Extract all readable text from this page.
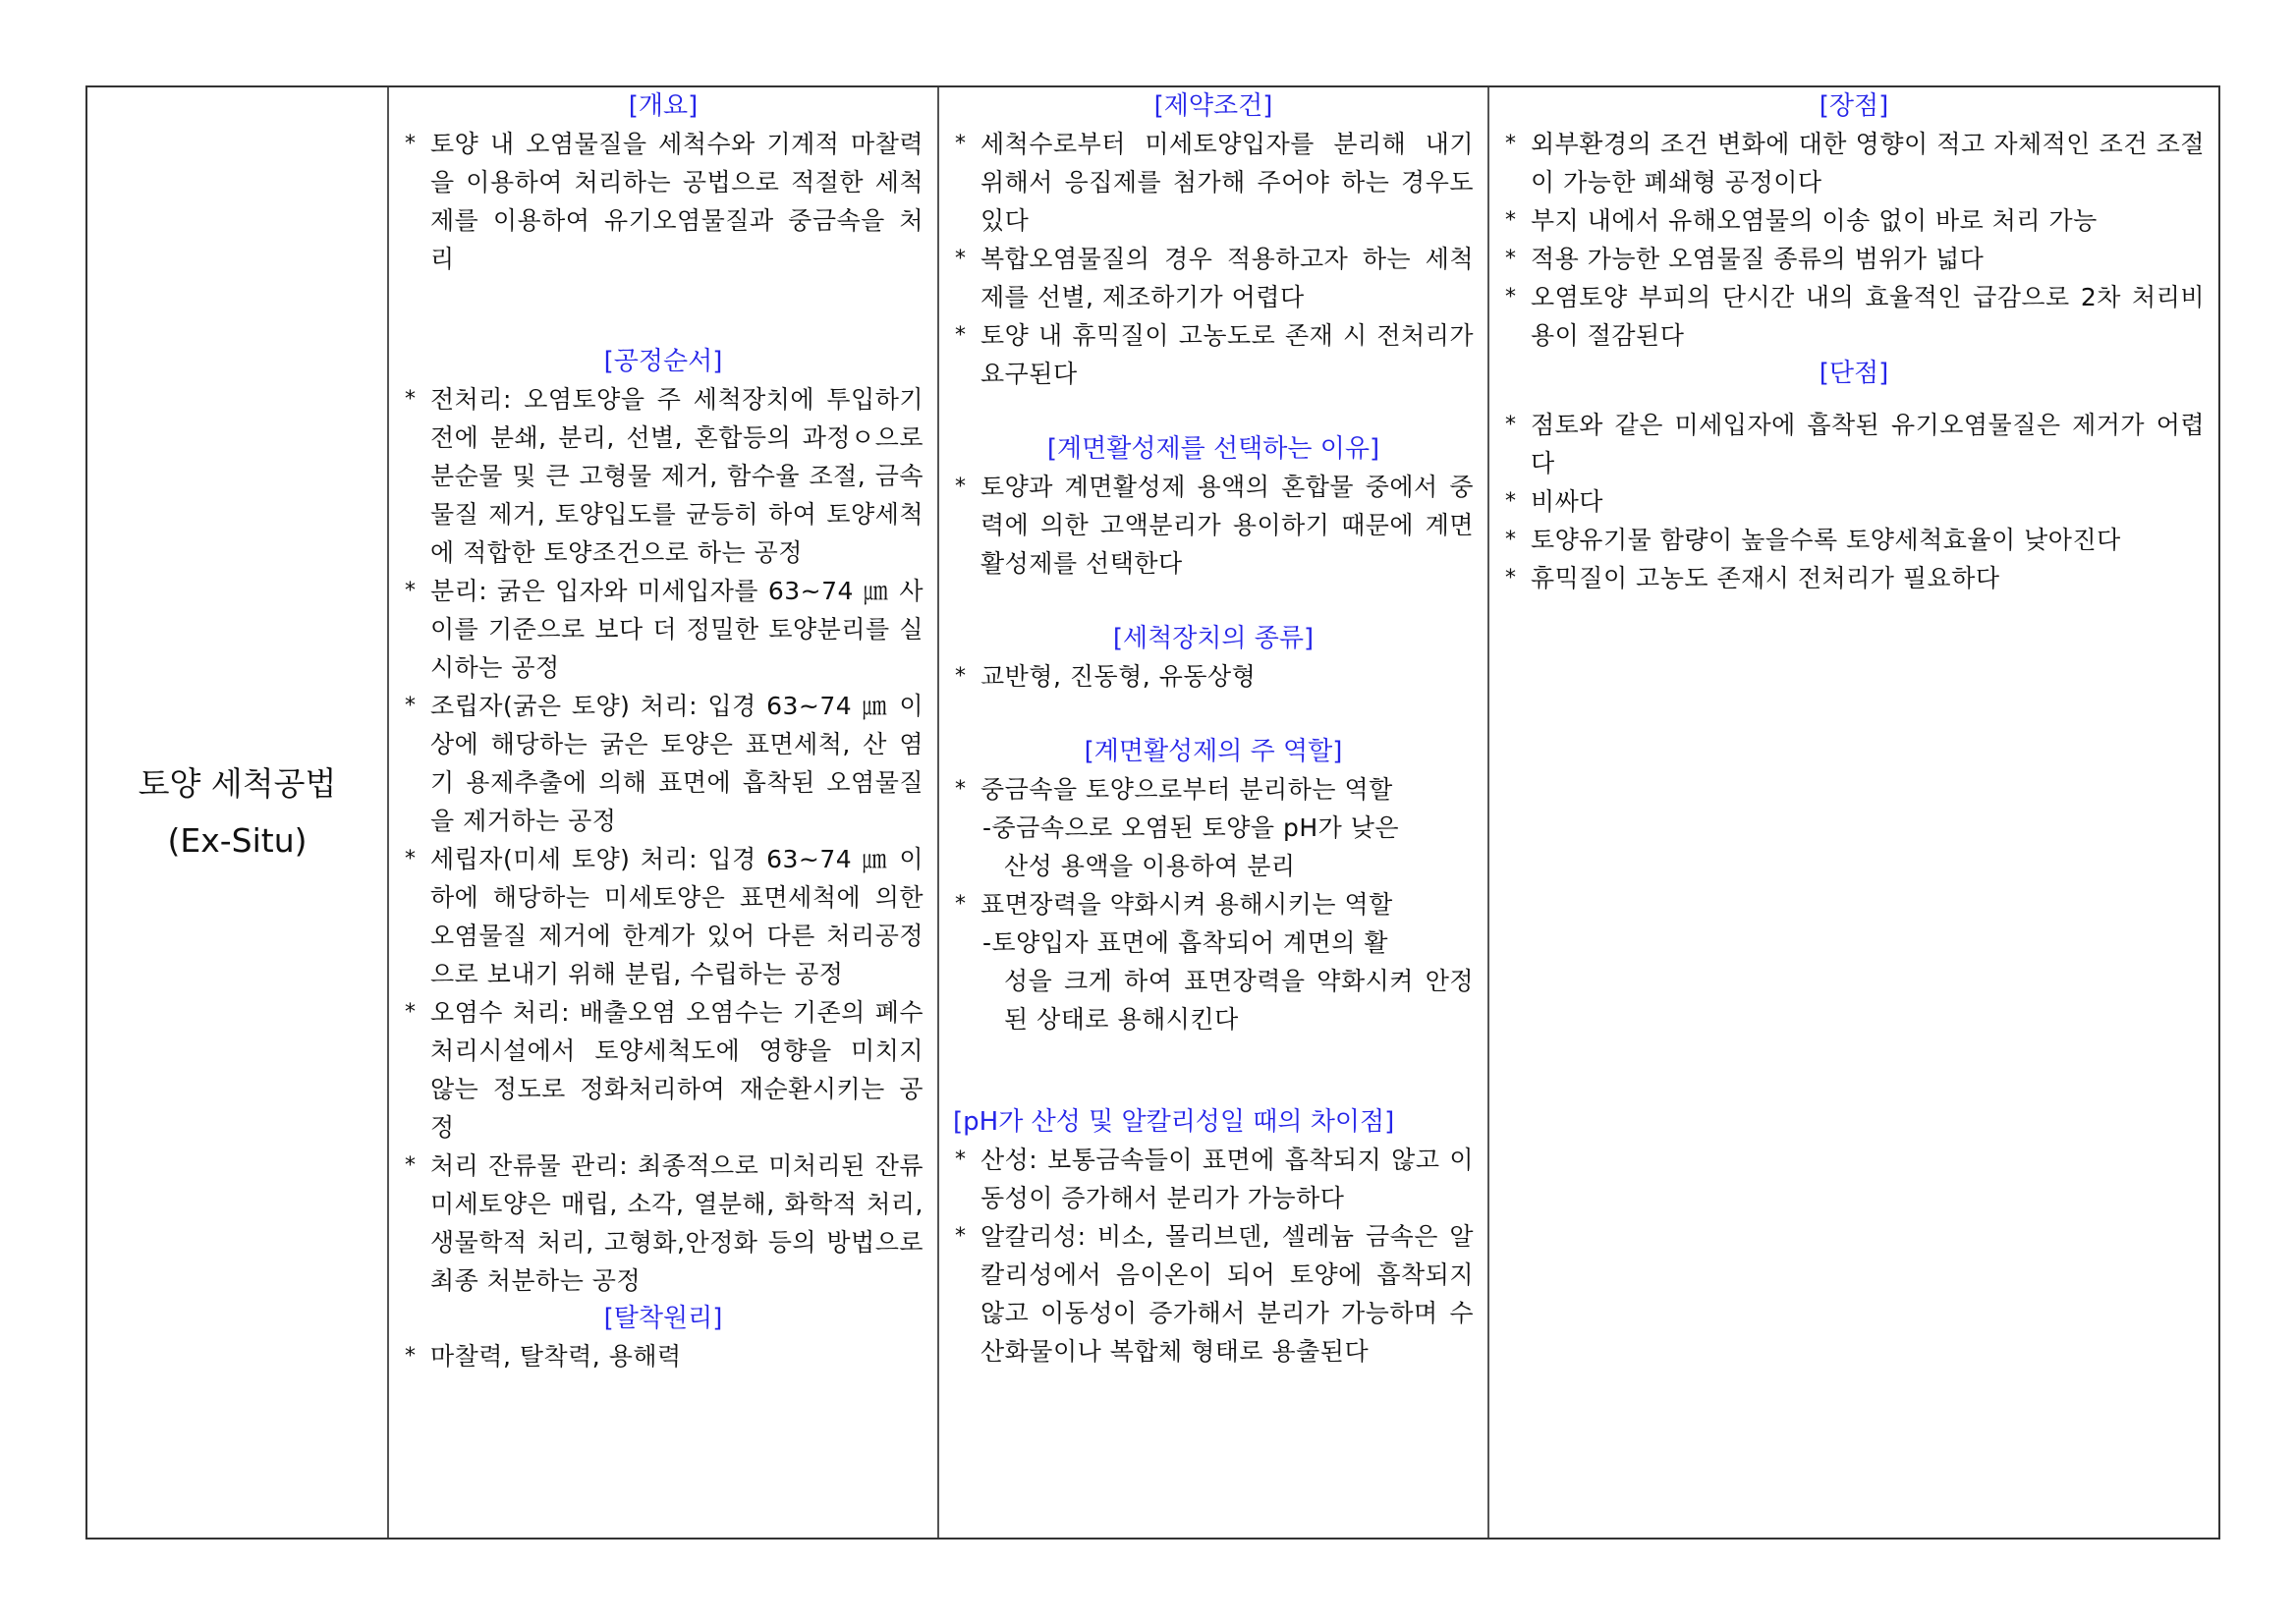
토양 세척공법
(Ex-Situ)
[개요]
* 토양 내 오염물질을 세척수와 기계적 마찰력을 이용하여 처리하는 공법으로 적절한 세척제를 이용하여 유기오염물질과 중금속을 처리
[공정순서]
* 전처리: 오염토양을 주 세척장치에 투입하기전에 분쇄, 분리, 선별, 혼합등의 과정ㅇ으로 분순물 및 큰 고형물 제거, 함수율 조절, 금속물질 제거, 토양입도를 균등히 하여 토양세척에 적합한 토양조건으로 하는 공정
* 분리: 굵은 입자와 미세입자를 63~74 ㎛ 사이를 기준으로 보다 더 정밀한 토양분리를 실시하는 공정
* 조립자(굵은 토양) 처리: 입경 63~74 ㎛ 이상에 해당하는 굵은 토양은 표면세척, 산 염기 용제추출에 의해 표면에 흡착된 오염물질을 제거하는 공정
* 세립자(미세 토양) 처리: 입경 63~74 ㎛ 이하에 해당하는 미세토양은 표면세척에 의한 오염물질 제거에 한계가 있어 다른 처리공정으로 보내기 위해 분립, 수립하는 공정
* 오염수 처리: 배출오염 오염수는 기존의 폐수처리시설에서 토양세척도에 영향을 미치지 않는 정도로 정화처리하여 재순환시키는 공정
* 처리 잔류물 관리: 최종적으로 미처리된 잔류미세토양은 매립, 소각, 열분해, 화학적 처리, 생물학적 처리, 고형화,안정화 등의 방법으로 최종 처분하는 공정
[탈착원리]
* 마찰력, 탈착력, 용해력
[제약조건]
* 세척수로부터 미세토양입자를 분리해 내기 위해서 응집제를 첨가해 주어야 하는 경우도 있다
* 복합오염물질의 경우 적용하고자 하는 세척제를 선별, 제조하기가 어렵다
* 토양 내 휴믹질이 고농도로 존재 시 전처리가 요구된다
[계면활성제를 선택하는 이유]
* 토양과 계면활성제 용액의 혼합물 중에서 중력에 의한 고액분리가 용이하기 때문에 계면활성제를 선택한다
[세척장치의 종류]
* 교반형, 진동형, 유동상형
[계면활성제의 주 역할]
* 중금속을 토양으로부터 분리하는 역할
-중금속으로 오염된 토양을 pH가 낮은
산성 용액을 이용하여 분리
* 표면장력을 약화시켜 용해시키는 역할
-토양입자 표면에 흡착되어 계면의 활
성을 크게 하여 표면장력을 약화시켜 안정된 상태로 용해시킨다
[pH가 산성 및 알칼리성일 때의 차이점]
* 산성: 보통금속들이 표면에 흡착되지 않고 이동성이 증가해서 분리가 가능하다
* 알칼리성: 비소, 몰리브덴, 셀레늄 금속은 알칼리성에서 음이온이 되어 토양에 흡착되지 않고 이동성이 증가해서 분리가 가능하며 수산화물이나 복합체 형태로 용출된다
[장점]
* 외부환경의 조건 변화에 대한 영향이 적고 자체적인 조건 조절이 가능한 폐쇄형 공정이다
* 부지 내에서 유해오염물의 이송 없이 바로 처리 가능
* 적용 가능한 오염물질 종류의 범위가 넓다
* 오염토양 부피의 단시간 내의 효율적인 급감으로 2차 처리비용이 절감된다
[단점]
* 점토와 같은 미세입자에 흡착된 유기오염물질은 제거가 어렵다
* 비싸다
* 토양유기물 함량이 높을수록 토양세척효율이 낮아진다
* 휴믹질이 고농도 존재시 전처리가 필요하다
